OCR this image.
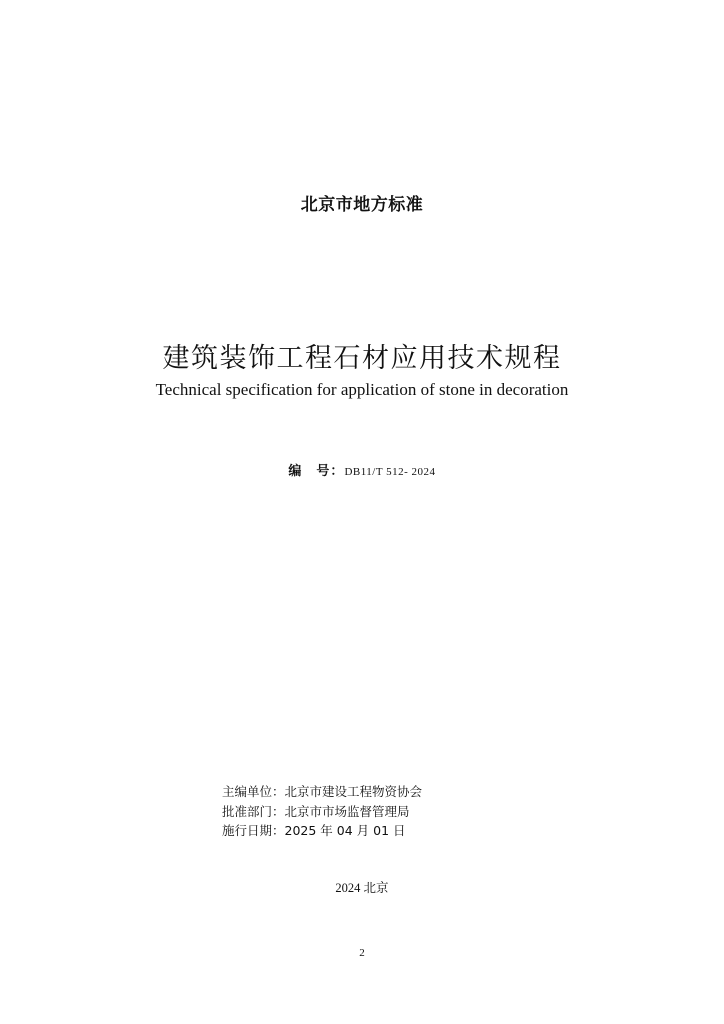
北京市地方标准
建筑装饰工程石材应用技术规程
Technical specification for application of stone in decoration
编　号：DB11/T 512- 2024
主编单位：北京市建设工程物资协会
批准部门：北京市市场监督管理局
施行日期：2025 年 04 月 01 日
2024 北京
2
